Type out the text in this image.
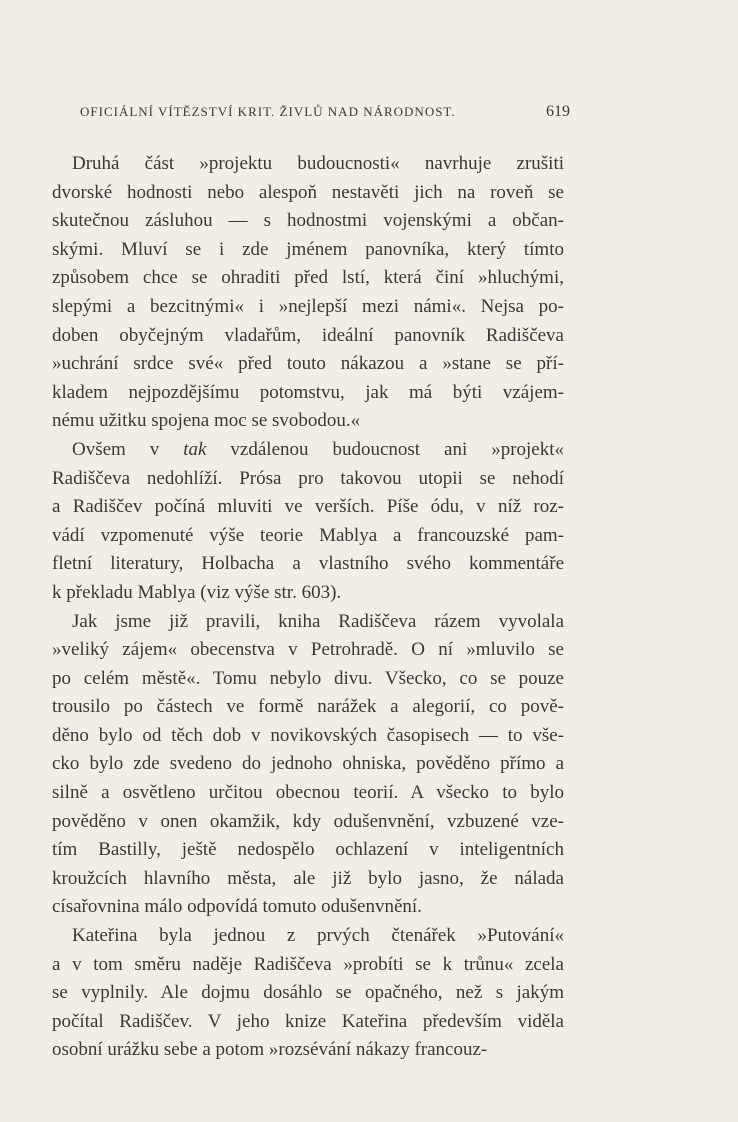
OFICIÁLNÍ VÍTĚZSTVÍ KRIT. ŽIVLŮ NAD NÁRODNOST.	619
Druhá část »projektu budoucnosti« navrhuje zrušiti
dvorské hodnosti nebo alespoň nestavěti jich na roveň se
skutečnou zásluhou — s hodnostmi vojenskými a občan-
skými. Mluví se i zde jménem panovníka, který tímto
způsobem chce se ohraditi před lstí, která činí »hluchými,
slepými a bezcitnými« i »nejlepší mezi námi«. Nejsa po-
doben obyčejným vladařům, ideální panovník Radiščeva
»uchrání srdce své« před touto nákazou a »stane se pří-
kladem nejpozdějšímu potomstvu, jak má býti vzájem-
nému užitku spojena moc se svobodou.«
Ovšem v tak vzdálenou budoucnost ani »projekt«
Radiščeva nedohlíží. Prósa pro takovou utopii se nehodí
a Radiščev počíná mluviti ve verších. Píše ódu, v níž roz-
vádí vzpomenuté výše teorie Mablya a francouzské pam-
fletní literatury, Holbacha a vlastního svého kommentáře
k překladu Mablya (viz výše str. 603).
Jak jsme již pravili, kniha Radiščeva rázem vyvolala
»veliký zájem« obecenstva v Petrohradě. O ní »mluvilo se
po celém městě«. Tomu nebylo divu. Všecko, co se pouze
trousilo po částech ve formě narážek a alegorií, co pově-
děno bylo od těch dob v novikovských časopisech — to vše-
cko bylo zde svedeno do jednoho ohniska, pověděno přímo a
silně a osvětleno určitou obecnou teorií. A všecko to bylo
pověděno v onen okamžik, kdy odušenvnění, vzbuzené vze-
tím Bastilly, ještě nedospělo ochlazení v inteligentních
kroužcích hlavního města, ale již bylo jasno, že nálada
císařovnina málo odpovídá tomuto odušenvnění.
Kateřina byla jednou z prvých čtenářek »Putování«
a v tom směru naděje Radiščeva »probíti se k trůnu« zcela
se vyplnily. Ale dojmu dosáhlo se opačného, než s jakým
počítal Radiščev. V jeho knize Kateřina především viděla
osobní urážku sebe a potom »rozsévání nákazy francouz-
